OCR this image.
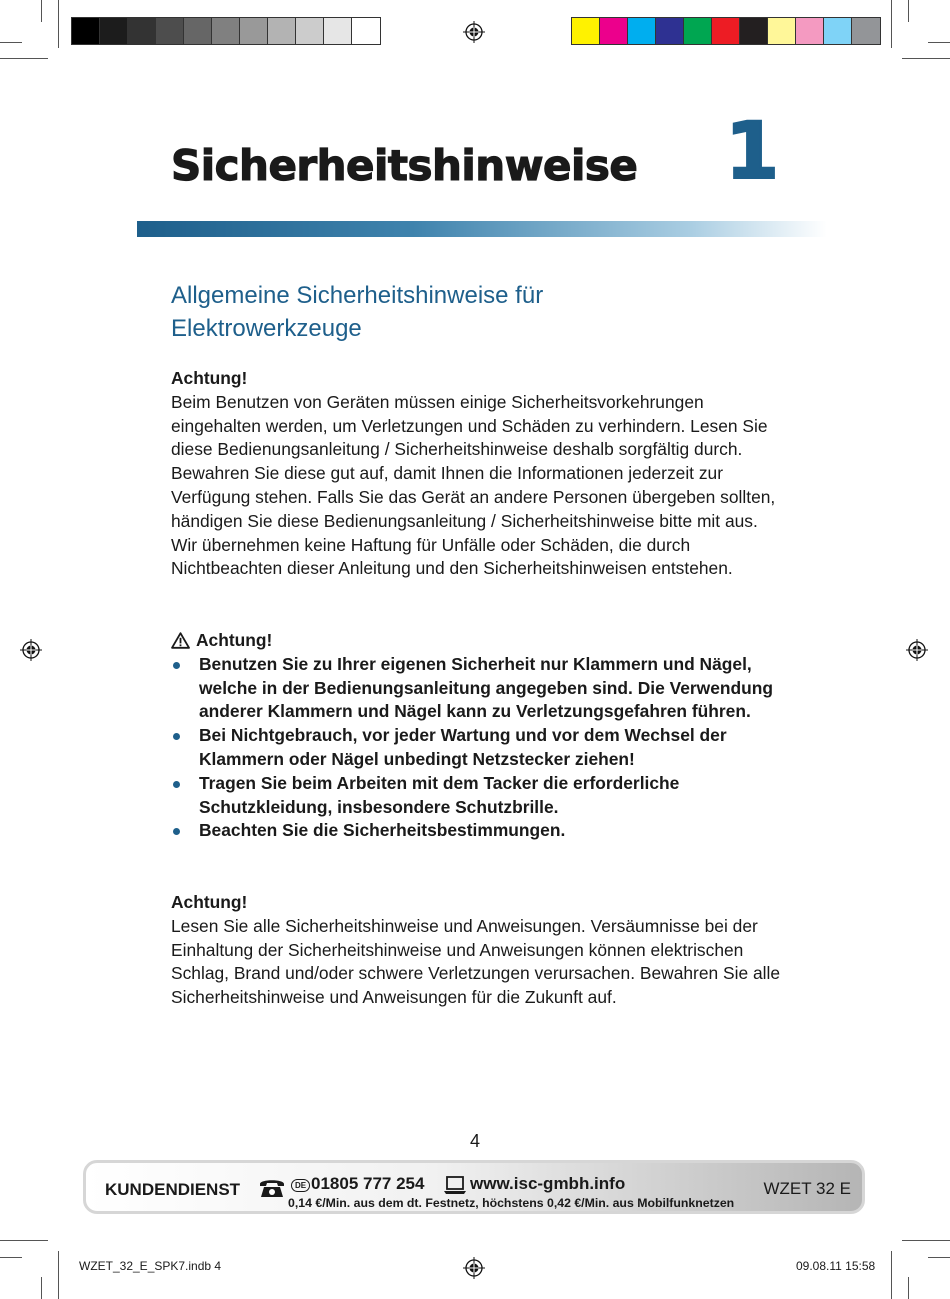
Sicherheitshinweise 1
Allgemeine Sicherheitshinweise für
Elektrowerkzeuge
Achtung!
Beim Benutzen von Geräten müssen einige Sicherheitsvorkehrungen eingehalten werden, um Verletzungen und Schäden zu verhindern. Lesen Sie diese Bedienungsanleitung / Sicherheitshinweise deshalb sorgfältig durch. Bewahren Sie diese gut auf, damit Ihnen die Informationen jederzeit zur Verfügung stehen. Falls Sie das Gerät an andere Personen übergeben sollten, händigen Sie diese Bedienungsanleitung / Sicherheitshinweise bitte mit aus. Wir übernehmen keine Haftung für Unfälle oder Schäden, die durch Nichtbeachten dieser Anleitung und den Sicherheitshinweisen entstehen.
Achtung!
Benutzen Sie zu Ihrer eigenen Sicherheit nur Klammern und Nägel, welche in der Bedienungsanleitung angegeben sind. Die Verwendung anderer Klammern und Nägel kann zu Verletzungsgefahren führen.
Bei Nichtgebrauch, vor jeder Wartung und vor dem Wechsel der Klammern oder Nägel unbedingt Netzstecker ziehen!
Tragen Sie beim Arbeiten mit dem Tacker die erforderliche Schutzkleidung, insbesondere Schutzbrille.
Beachten Sie die Sicherheitsbestimmungen.
Achtung!
Lesen Sie alle Sicherheitshinweise und Anweisungen. Versäumnisse bei der Einhaltung der Sicherheitshinweise und Anweisungen können elektrischen Schlag, Brand und/oder schwere Verletzungen verursachen. Bewahren Sie alle Sicherheitshinweise und Anweisungen für die Zukunft auf.
4
KUNDENDIENST	DE 01805 777 254	www.isc-gmbh.info
0,14 €/Min. aus dem dt. Festnetz, höchstens 0,42 €/Min. aus Mobilfunknetzen
WZET 32 E
WZET_32_E_SPK7.indb 4	09.08.11 15:58
